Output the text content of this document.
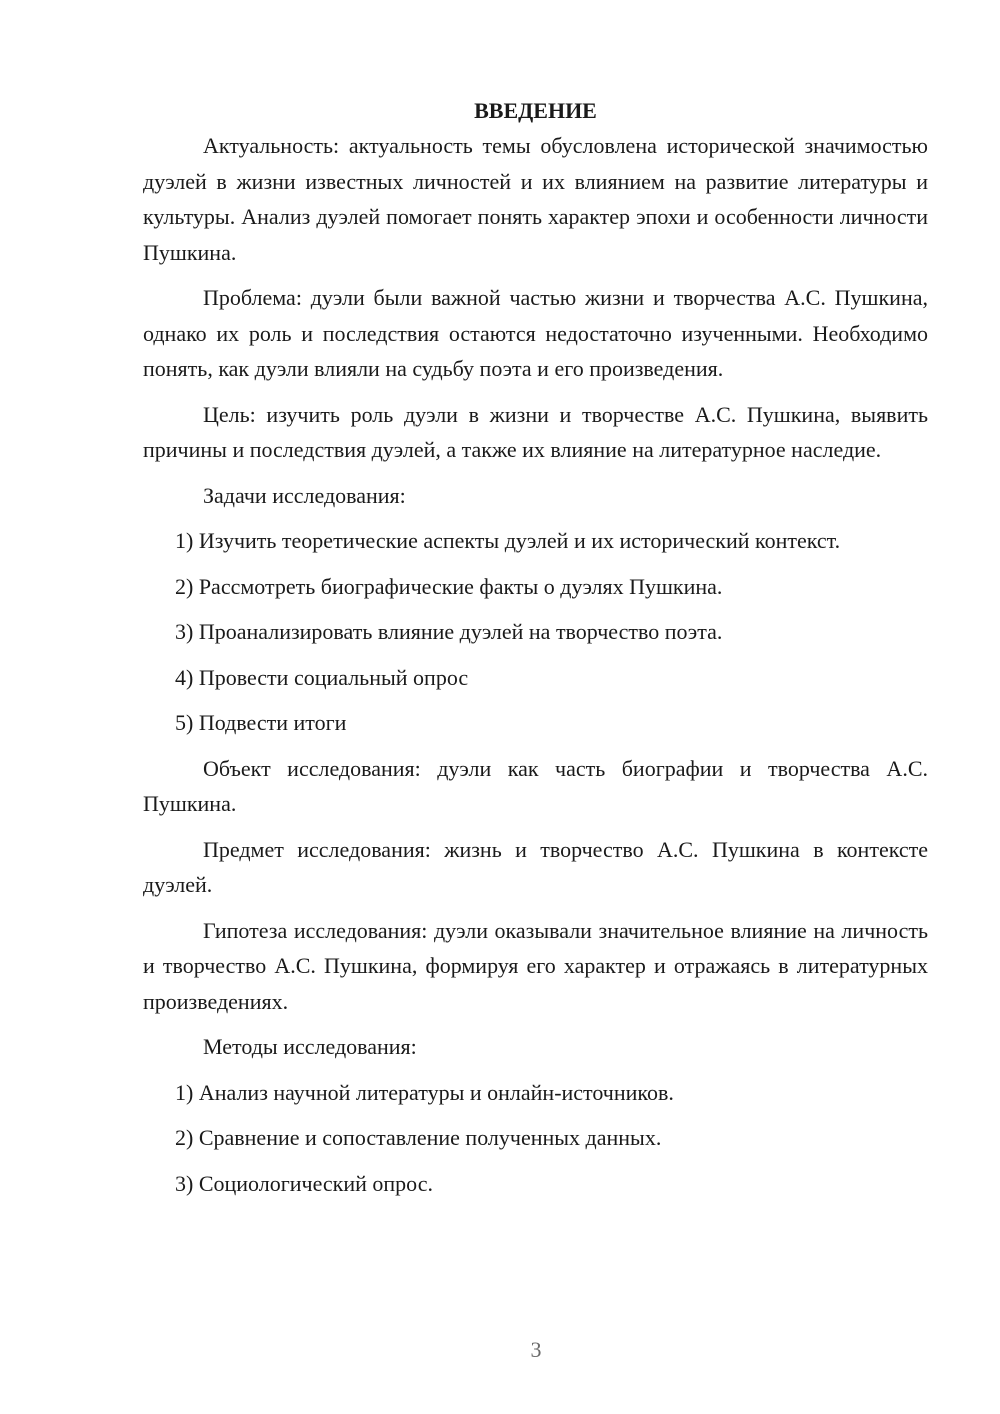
ВВЕДЕНИЕ

Актуальность: актуальность темы обусловлена исторической значимостью дуэлей в жизни известных личностей и их влиянием на развитие литературы и культуры. Анализ дуэлей помогает понять характер эпохи и особенности личности Пушкина.

Проблема: дуэли были важной частью жизни и творчества А.С. Пушкина, однако их роль и последствия остаются недостаточно изученными. Необходимо понять, как дуэли влияли на судьбу поэта и его произведения.

Цель: изучить роль дуэли в жизни и творчестве А.С. Пушкина, выявить причины и последствия дуэлей, а также их влияние на литературное наследие.

Задачи исследования:

1) Изучить теоретические аспекты дуэлей и их исторический контекст.
2) Рассмотреть биографические факты о дуэлях Пушкина.
3) Проанализировать влияние дуэлей на творчество поэта.
4) Провести социальный опрос
5) Подвести итоги

Объект исследования: дуэли как часть биографии и творчества А.С. Пушкина.

Предмет исследования: жизнь и творчество А.С. Пушкина в контексте дуэлей.

Гипотеза исследования: дуэли оказывали значительное влияние на личность и творчество А.С. Пушкина, формируя его характер и отражаясь в литературных произведениях.

Методы исследования:

1) Анализ научной литературы и онлайн-источников.
2) Сравнение и сопоставление полученных данных.
3) Социологический опрос.
3
